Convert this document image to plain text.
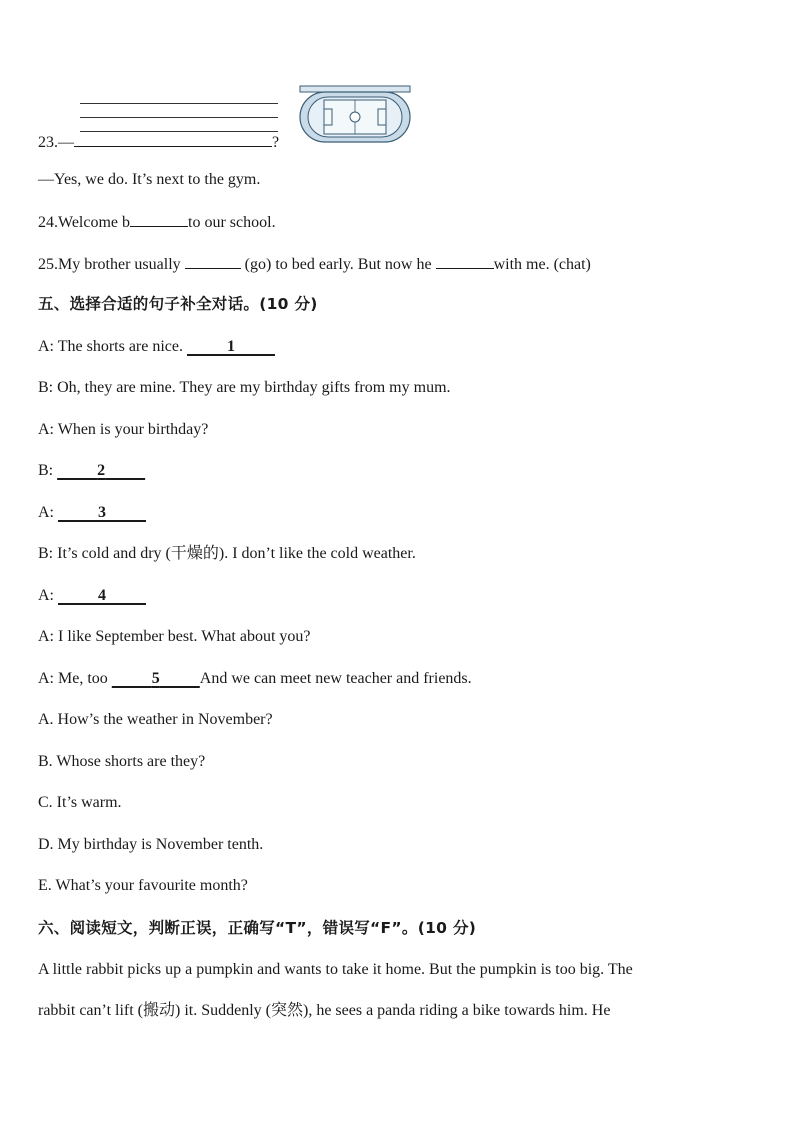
23.—	?
—Yes, we do. It’s next to the gym.
24.Welcome b	to our school.
25.My brother usually	(go) to bed early. But now he	with me. (chat)
五、选择合适的句子补全对话。(10 分)
A: The shorts are nice.      	1     
B: Oh, they are mine. They are my birthday gifts from my mum.
A: When is your birthday?
B:      	2     
A:      	3     
B: It’s cold and dry (干燥的). I don’t like the cold weather.
A:      	4     
A: I like September best. What about you?
A: Me, too      	5     	And we can meet new teacher and friends.
A. How’s the weather in November?
B. Whose shorts are they?
C. It’s warm.
D. My birthday is November tenth.
E. What’s your favourite month?
六、阅读短文，判断正误，正确写“T”，错误写“F”。(10 分)
A little rabbit picks up a pumpkin and wants to take it home. But the pumpkin is too big. The
rabbit can’t lift (搬动) it. Suddenly (突然), he sees a panda riding a bike towards him. He
